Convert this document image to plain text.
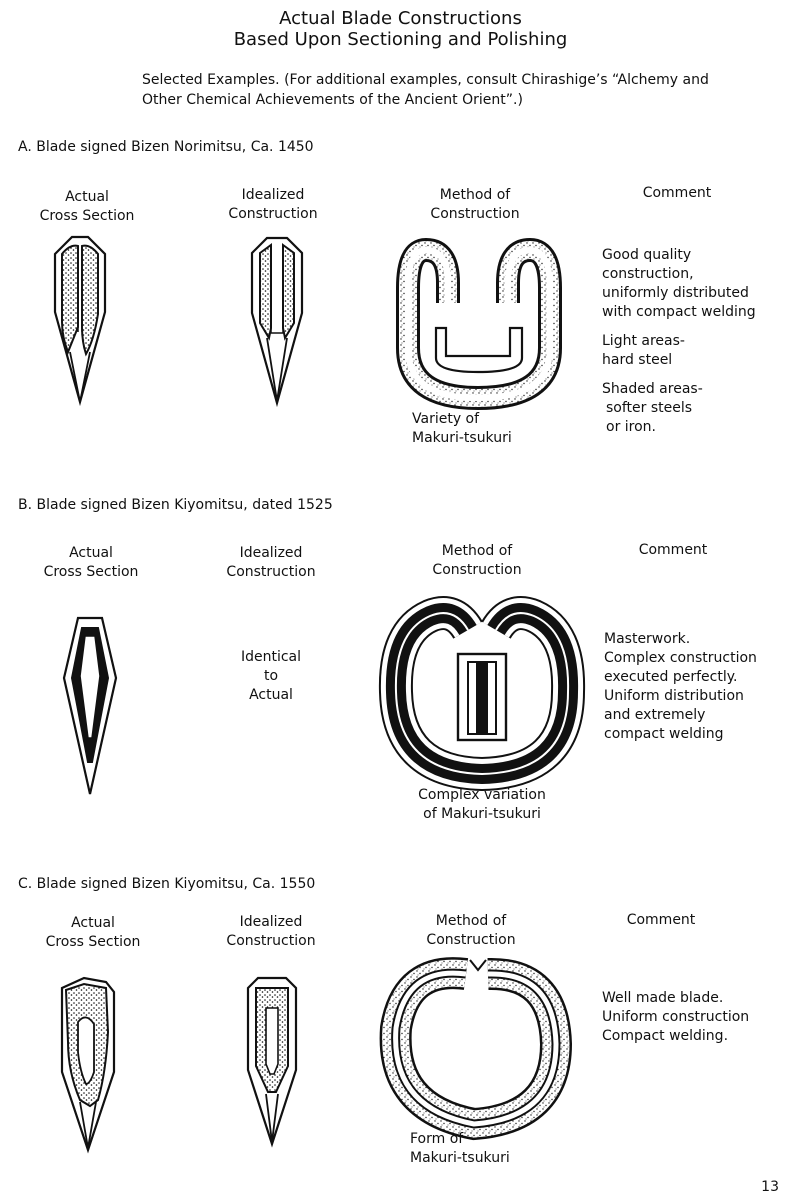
Actual Blade Constructions
Based Upon Sectioning and Polishing
Selected Examples. (For additional examples, consult Chirashige’s “Alchemy and
Other Chemical Achievements of the Ancient Orient”.)
A. Blade signed Bizen Norimitsu, Ca. 1450
Actual
Cross Section
Idealized
Construction
Method of
Construction
Comment
Variety of
Makuri-tsukuri

Good quality

construction,

uniformly distributed

with compact welding

Light areas-

hard steel

Shaded areas-

softer steels

or iron.

B. Blade signed Bizen Kiyomitsu, dated 1525
Actual
Cross Section
Idealized
Construction
Method of
Construction
Comment
Identical
to
Actual
Complex variation
of Makuri-tsukuri

Masterwork.

Complex construction

executed perfectly.

Uniform distribution

and extremely

compact welding

C. Blade signed Bizen Kiyomitsu, Ca. 1550
Actual
Cross Section
Idealized
Construction
Method of
Construction
Comment
Form of
Makuri-tsukuri

Well made blade.

Uniform construction

Compact welding.

13
